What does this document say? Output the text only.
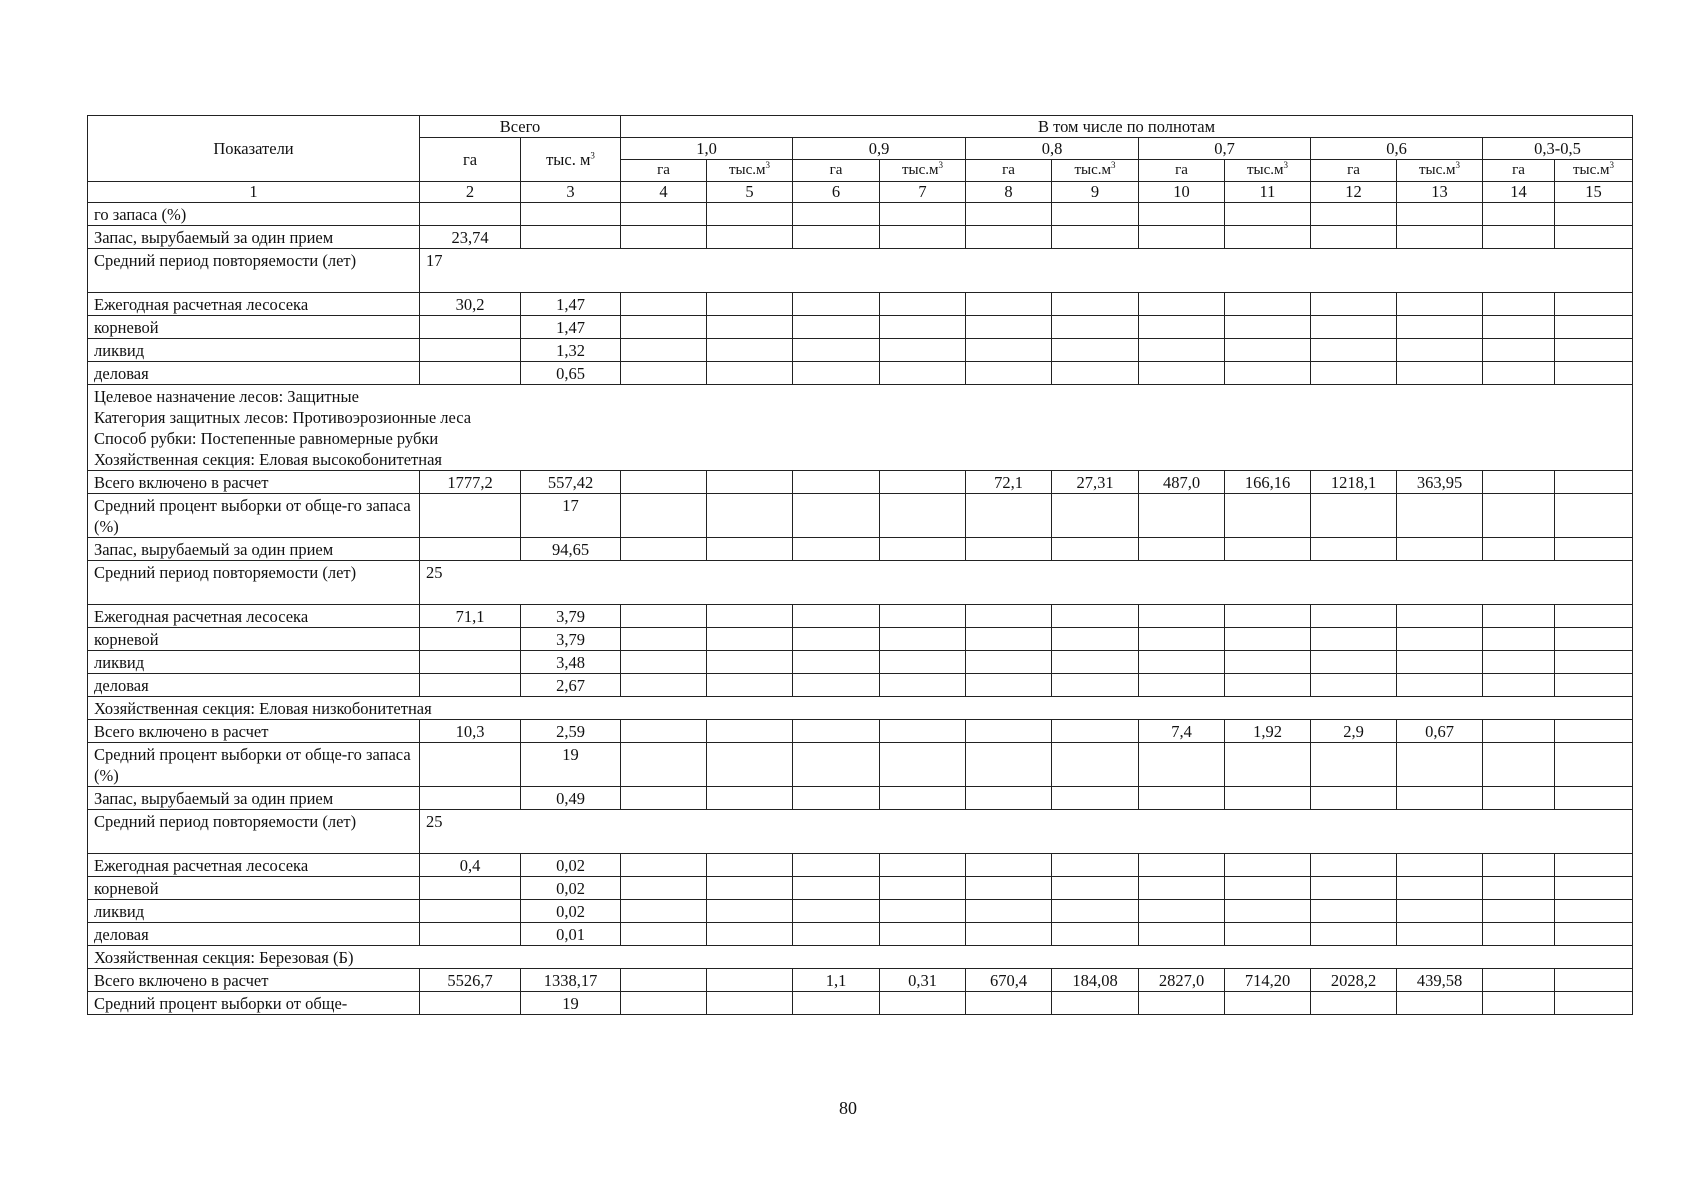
Показатели	Всего		В том числе по полнотам											
	га	тыс. $м^3$	1,0		0,9		0,8		0,7		0,6		0,3-0,5	
			га	$тыс.м^3$	га	$тыс.м^3$	га	$тыс.м^3$	га	$тыс.м^3$	га	$тыс.м^3$	га	$тыс.м^3$
1	2	3	4	5	6	7	8	9	10	11	12	13	14	15
го запаса (%)														
Запас, вырубаемый за один прием	23,74													
Средний период повторяемости (лет)	17													
Ежегодная расчетная лесосека	30,2	1,47												
корневой		1,47												
ликвид		1,32												
деловая		0,65												

Целевое назначение лесов: Защитные
Категория защитных лесов: Противоэрозионные леса
Способ рубки: Постепенные равномерные рубки
Хозяйственная секция: Еловая высокобонитетная														

Всего включено в расчет	1777,2	557,42					72,1	27,31	487,0	166,16	1218,1	363,95		
Средний процент выборки от обще-го запаса (%)		17												
Запас, вырубаемый за один прием		94,65												
Средний период повторяемости (лет)	25													
Ежегодная расчетная лесосека	71,1	3,79												
корневой		3,79												
ликвид		3,48												
деловая		2,67												

Хозяйственная секция: Еловая низкобонитетная														

Всего включено в расчет	10,3	2,59							7,4	1,92	2,9	0,67		
Средний процент выборки от обще-го запаса (%)		19												
Запас, вырубаемый за один прием		0,49												
Средний период повторяемости (лет)	25													
Ежегодная расчетная лесосека	0,4	0,02												
корневой		0,02												
ликвид		0,02												
деловая		0,01												

Хозяйственная секция: Березовая (Б)														

Всего включено в расчет	5526,7	1338,17			1,1	0,31	670,4	184,08	2827,0	714,20	2028,2	439,58		
Средний процент выборки от обще-		19												
80
